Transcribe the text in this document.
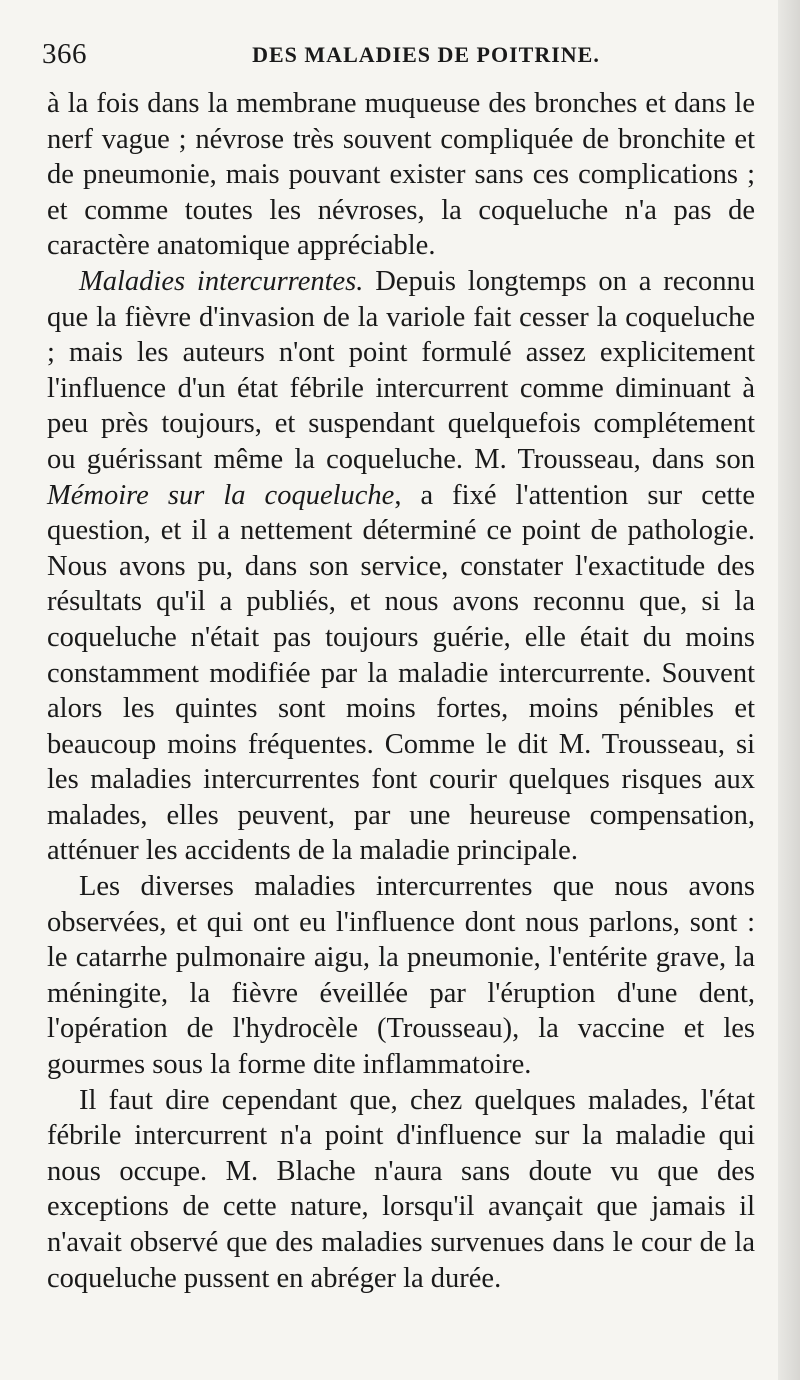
366	DES MALADIES DE POITRINE.

à la fois dans la membrane muqueuse des bronches et dans le nerf vague ; névrose très souvent compliquée de bronchite et de pneumonie, mais pouvant exister sans ces complications ; et comme toutes les névroses, la coqueluche n'a pas de caractère anatomique appréciable.

Maladies intercurrentes. Depuis longtemps on a reconnu que la fièvre d'invasion de la variole fait cesser la coqueluche ; mais les auteurs n'ont point formulé assez explicitement l'influence d'un état fébrile intercurrent comme diminuant à peu près toujours, et suspendant quelquefois complétement ou guérissant même la coqueluche. M. Trousseau, dans son Mémoire sur la coqueluche, a fixé l'attention sur cette question, et il a nettement déterminé ce point de pathologie. Nous avons pu, dans son service, constater l'exactitude des résultats qu'il a publiés, et nous avons reconnu que, si la coqueluche n'était pas toujours guérie, elle était du moins constamment modifiée par la maladie intercurrente. Souvent alors les quintes sont moins fortes, moins pénibles et beaucoup moins fréquentes. Comme le dit M. Trousseau, si les maladies intercurrentes font courir quelques risques aux malades, elles peuvent, par une heureuse compensation, atténuer les accidents de la maladie principale.

Les diverses maladies intercurrentes que nous avons observées, et qui ont eu l'influence dont nous parlons, sont : le catarrhe pulmonaire aigu, la pneumonie, l'entérite grave, la méningite, la fièvre éveillée par l'éruption d'une dent, l'opération de l'hydrocèle (Trousseau), la vaccine et les gourmes sous la forme dite inflammatoire.

Il faut dire cependant que, chez quelques malades, l'état fébrile intercurrent n'a point d'influence sur la maladie qui nous occupe. M. Blache n'aura sans doute vu que des exceptions de cette nature, lorsqu'il avançait que jamais il n'avait observé que des maladies survenues dans le cour de la coqueluche pussent en abréger la durée.
